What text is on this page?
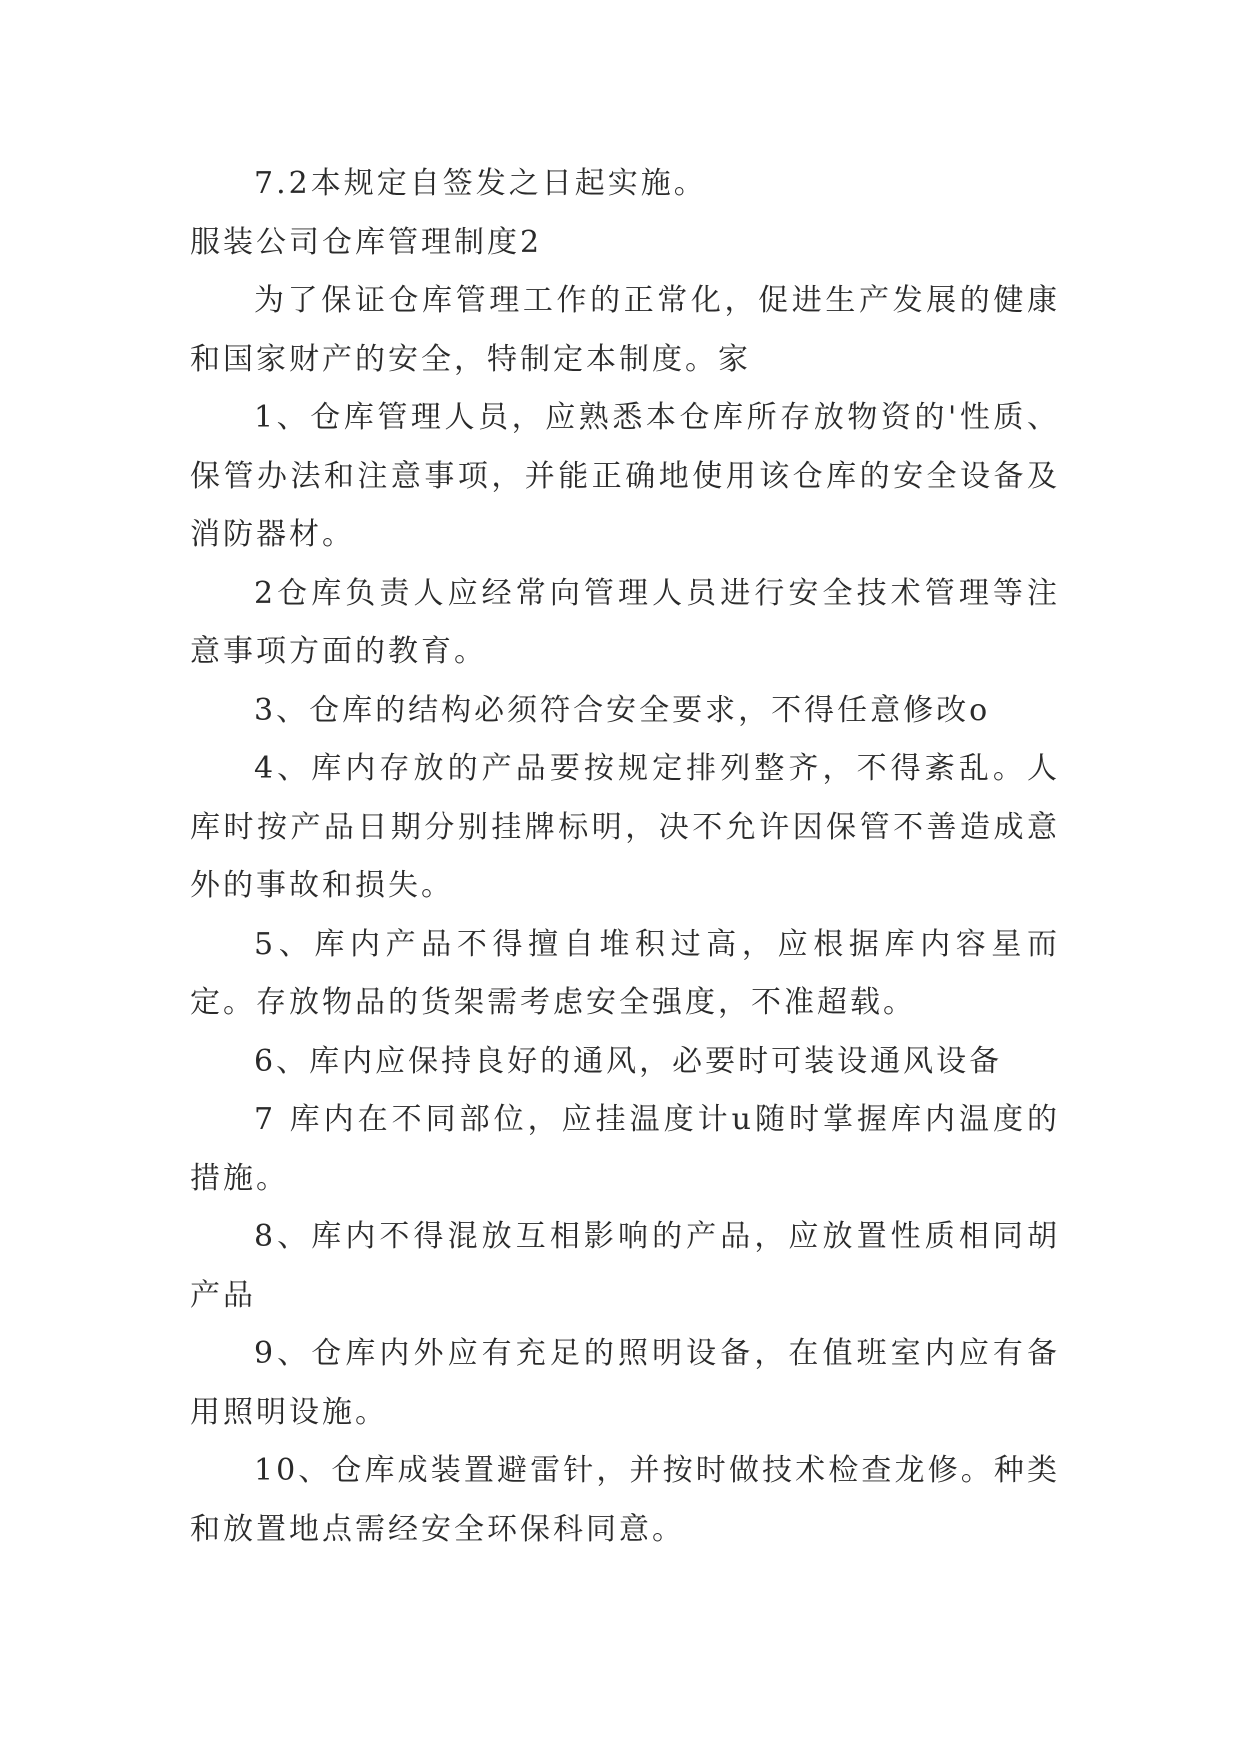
7.2本规定自签发之日起实施。

服装公司仓库管理制度2

为了保证仓库管理工作的正常化，促进生产发展的健康和国家财产的安全，特制定本制度。家

1、仓库管理人员，应熟悉本仓库所存放物资的'性质、保管办法和注意事项，并能正确地使用该仓库的安全设备及消防器材。

2仓库负责人应经常向管理人员进行安全技术管理等注意事项方面的教育。

3、仓库的结构必须符合安全要求，不得任意修改o

4、库内存放的产品要按规定排列整齐，不得紊乱。人库时按产品日期分别挂牌标明，决不允许因保管不善造成意外的事故和损失。

5、库内产品不得擅自堆积过高，应根据库内容星而定。存放物品的货架需考虑安全强度，不准超载。

6、库内应保持良好的通风，必要时可装设通风设备

7 库内在不同部位，应挂温度计u随时掌握库内温度的措施。

8、库内不得混放互相影响的产品，应放置性质相同胡产品

9、仓库内外应有充足的照明设备，在值班室内应有备用照明设施。

10、仓库成装置避雷针，并按时做技术检查龙修。种类和放置地点需经安全环保科同意。
